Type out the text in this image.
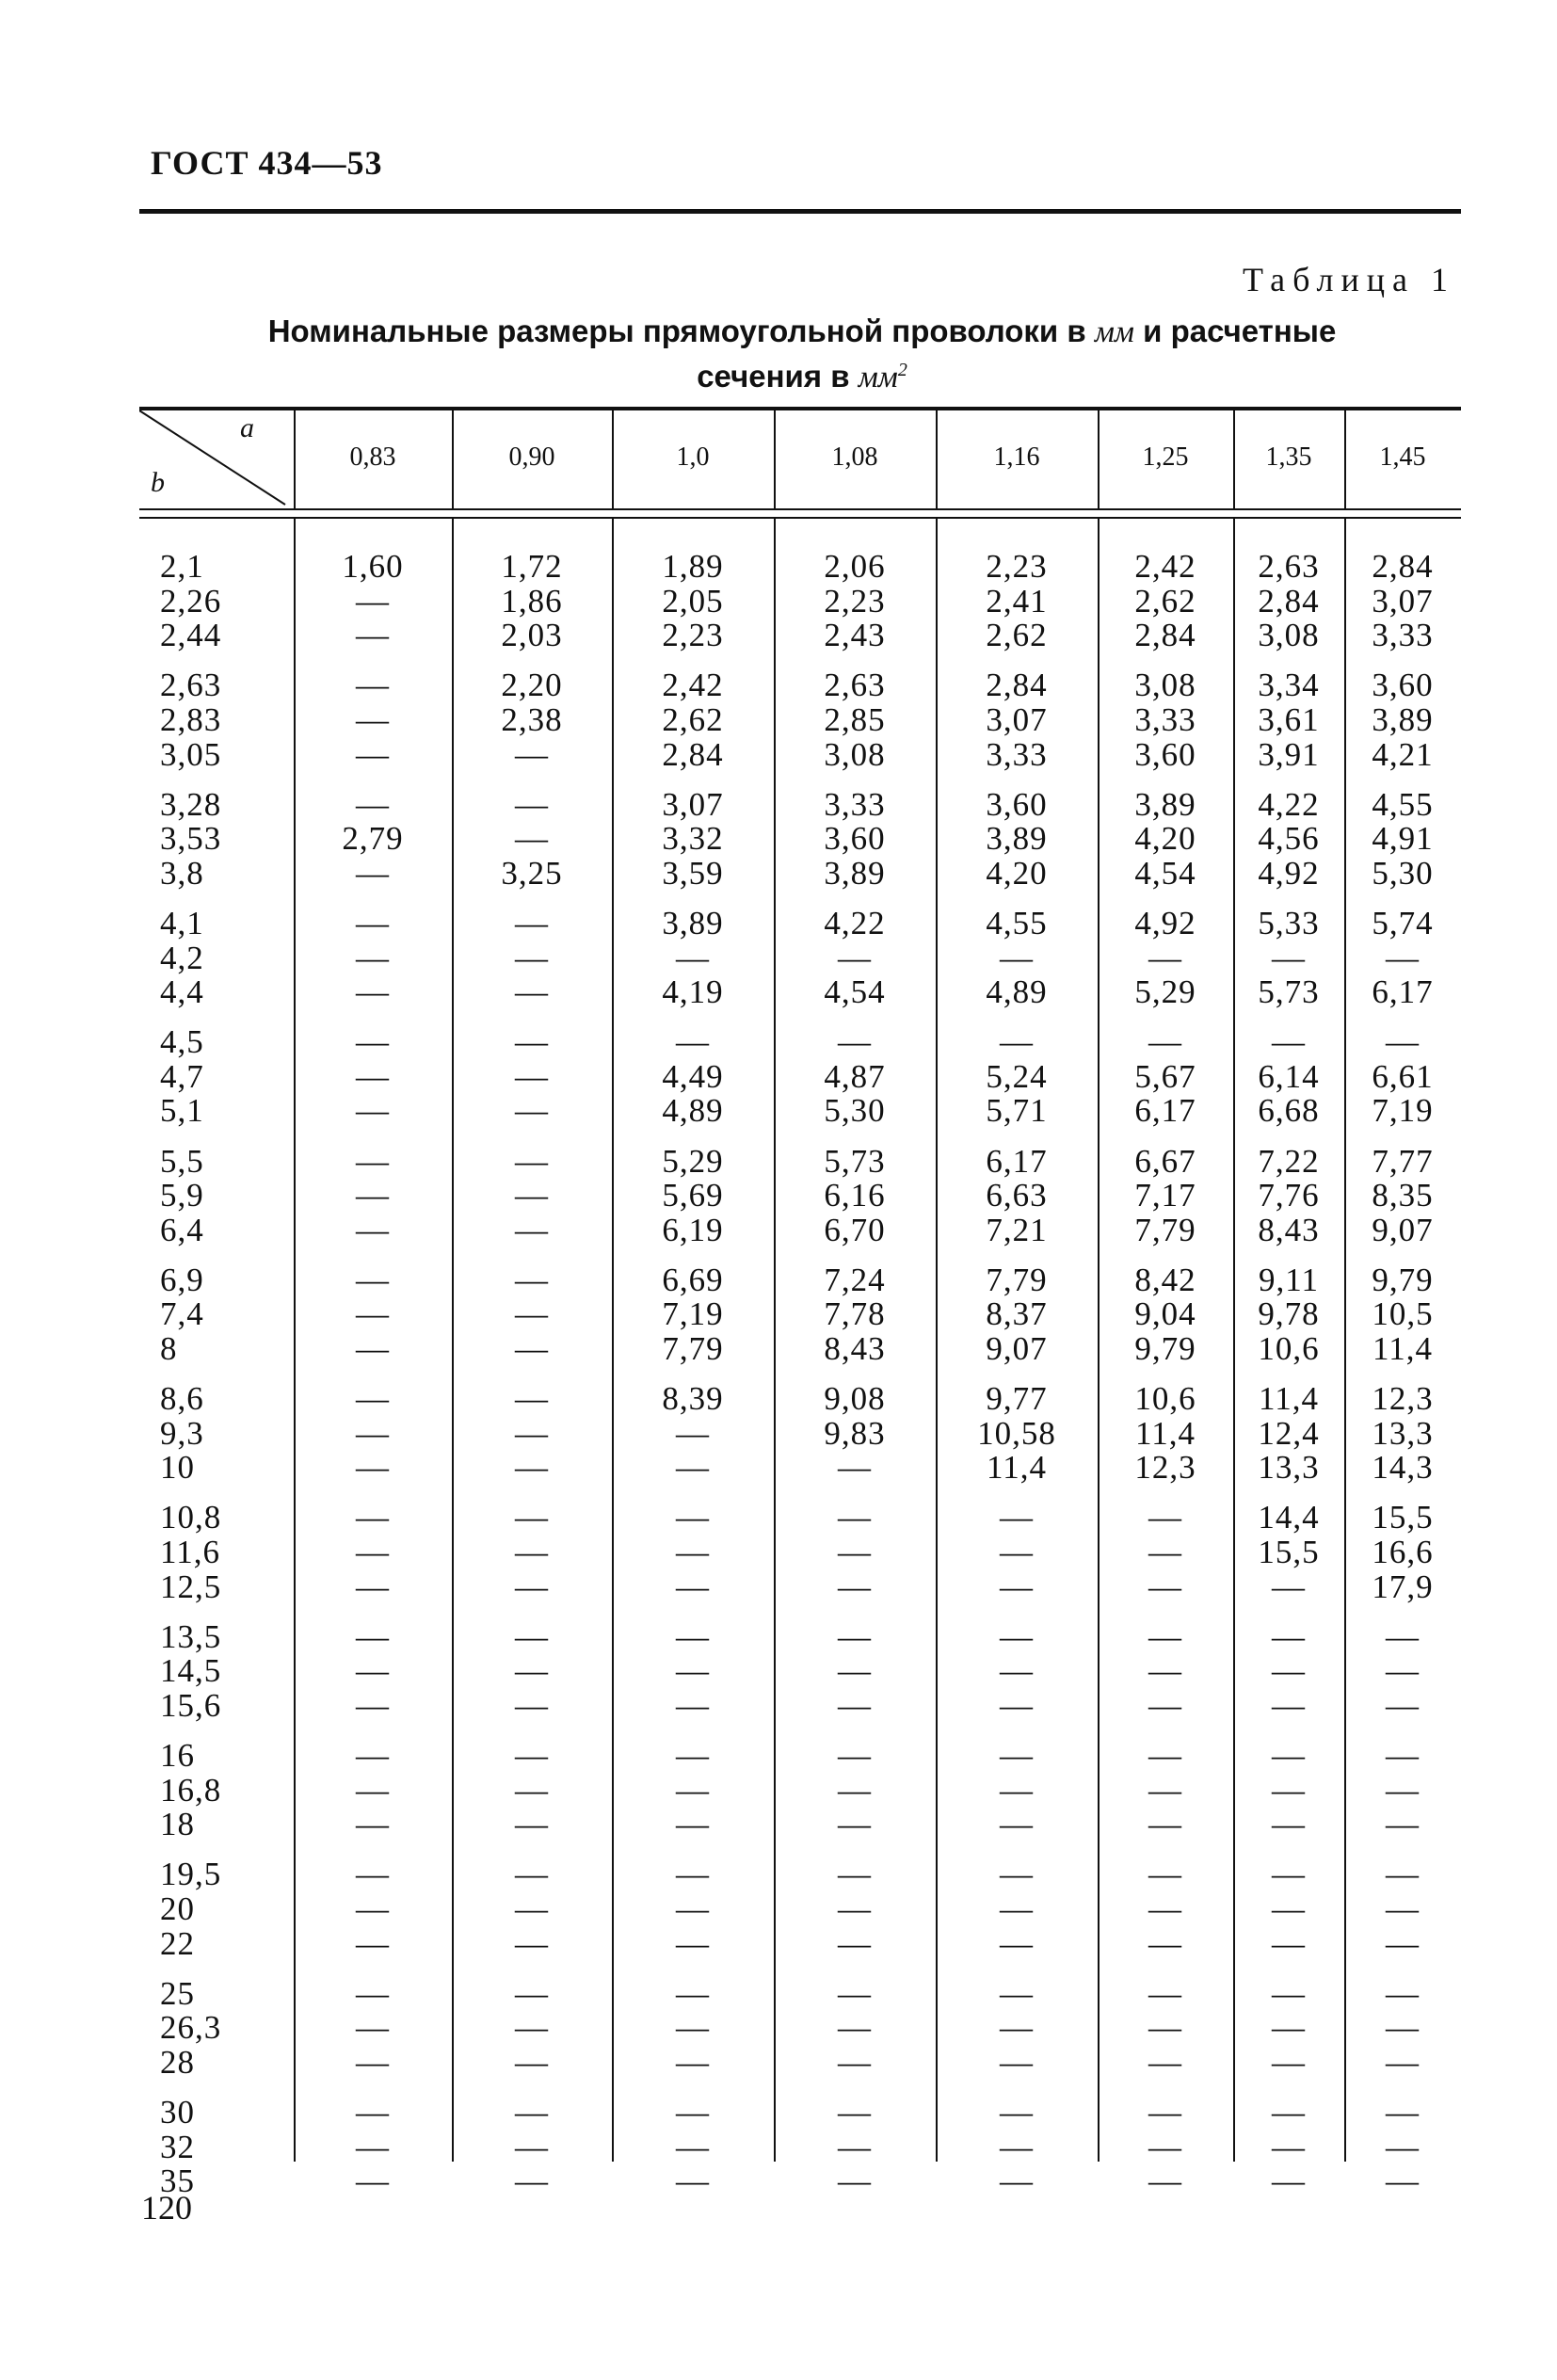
ГОСТ 434—53
Таблица 1
Номинальные размеры прямоугольной проволоки в мм и расчетные
сечения в $мм^2$
a
b
0,83	0,90	1,0	1,08	1,16	1,25	1,35	1,45
2,1	1,60	1,72	1,89	2,06	2,23	2,42	2,63	2,84
2,26	—	1,86	2,05	2,23	2,41	2,62	2,84	3,07
2,44	—	2,03	2,23	2,43	2,62	2,84	3,08	3,33
2,63	—	2,20	2,42	2,63	2,84	3,08	3,34	3,60
2,83	—	2,38	2,62	2,85	3,07	3,33	3,61	3,89
3,05	—	—	2,84	3,08	3,33	3,60	3,91	4,21
3,28	—	—	3,07	3,33	3,60	3,89	4,22	4,55
3,53	2,79	—	3,32	3,60	3,89	4,20	4,56	4,91
3,8	—	3,25	3,59	3,89	4,20	4,54	4,92	5,30
4,1	—	—	3,89	4,22	4,55	4,92	5,33	5,74
4,2	—	—	—	—	—	—	—	—
4,4	—	—	4,19	4,54	4,89	5,29	5,73	6,17
4,5	—	—	—	—	—	—	—	—
4,7	—	—	4,49	4,87	5,24	5,67	6,14	6,61
5,1	—	—	4,89	5,30	5,71	6,17	6,68	7,19
5,5	—	—	5,29	5,73	6,17	6,67	7,22	7,77
5,9	—	—	5,69	6,16	6,63	7,17	7,76	8,35
6,4	—	—	6,19	6,70	7,21	7,79	8,43	9,07
6,9	—	—	6,69	7,24	7,79	8,42	9,11	9,79
7,4	—	—	7,19	7,78	8,37	9,04	9,78	10,5
8	—	—	7,79	8,43	9,07	9,79	10,6	11,4
8,6	—	—	8,39	9,08	9,77	10,6	11,4	12,3
9,3	—	—	—	9,83	10,58	11,4	12,4	13,3
10	—	—	—	—	11,4	12,3	13,3	14,3
10,8	—	—	—	—	—	—	14,4	15,5
11,6	—	—	—	—	—	—	15,5	16,6
12,5	—	—	—	—	—	—	—	17,9
13,5	—	—	—	—	—	—	—	—
14,5	—	—	—	—	—	—	—	—
15,6	—	—	—	—	—	—	—	—
16	—	—	—	—	—	—	—	—
16,8	—	—	—	—	—	—	—	—
18	—	—	—	—	—	—	—	—
19,5	—	—	—	—	—	—	—	—
20	—	—	—	—	—	—	—	—
22	—	—	—	—	—	—	—	—
25	—	—	—	—	—	—	—	—
26,3	—	—	—	—	—	—	—	—
28	—	—	—	—	—	—	—	—
30	—	—	—	—	—	—	—	—
32	—	—	—	—	—	—	—	—
35	—	—	—	—	—	—	—	—
120
